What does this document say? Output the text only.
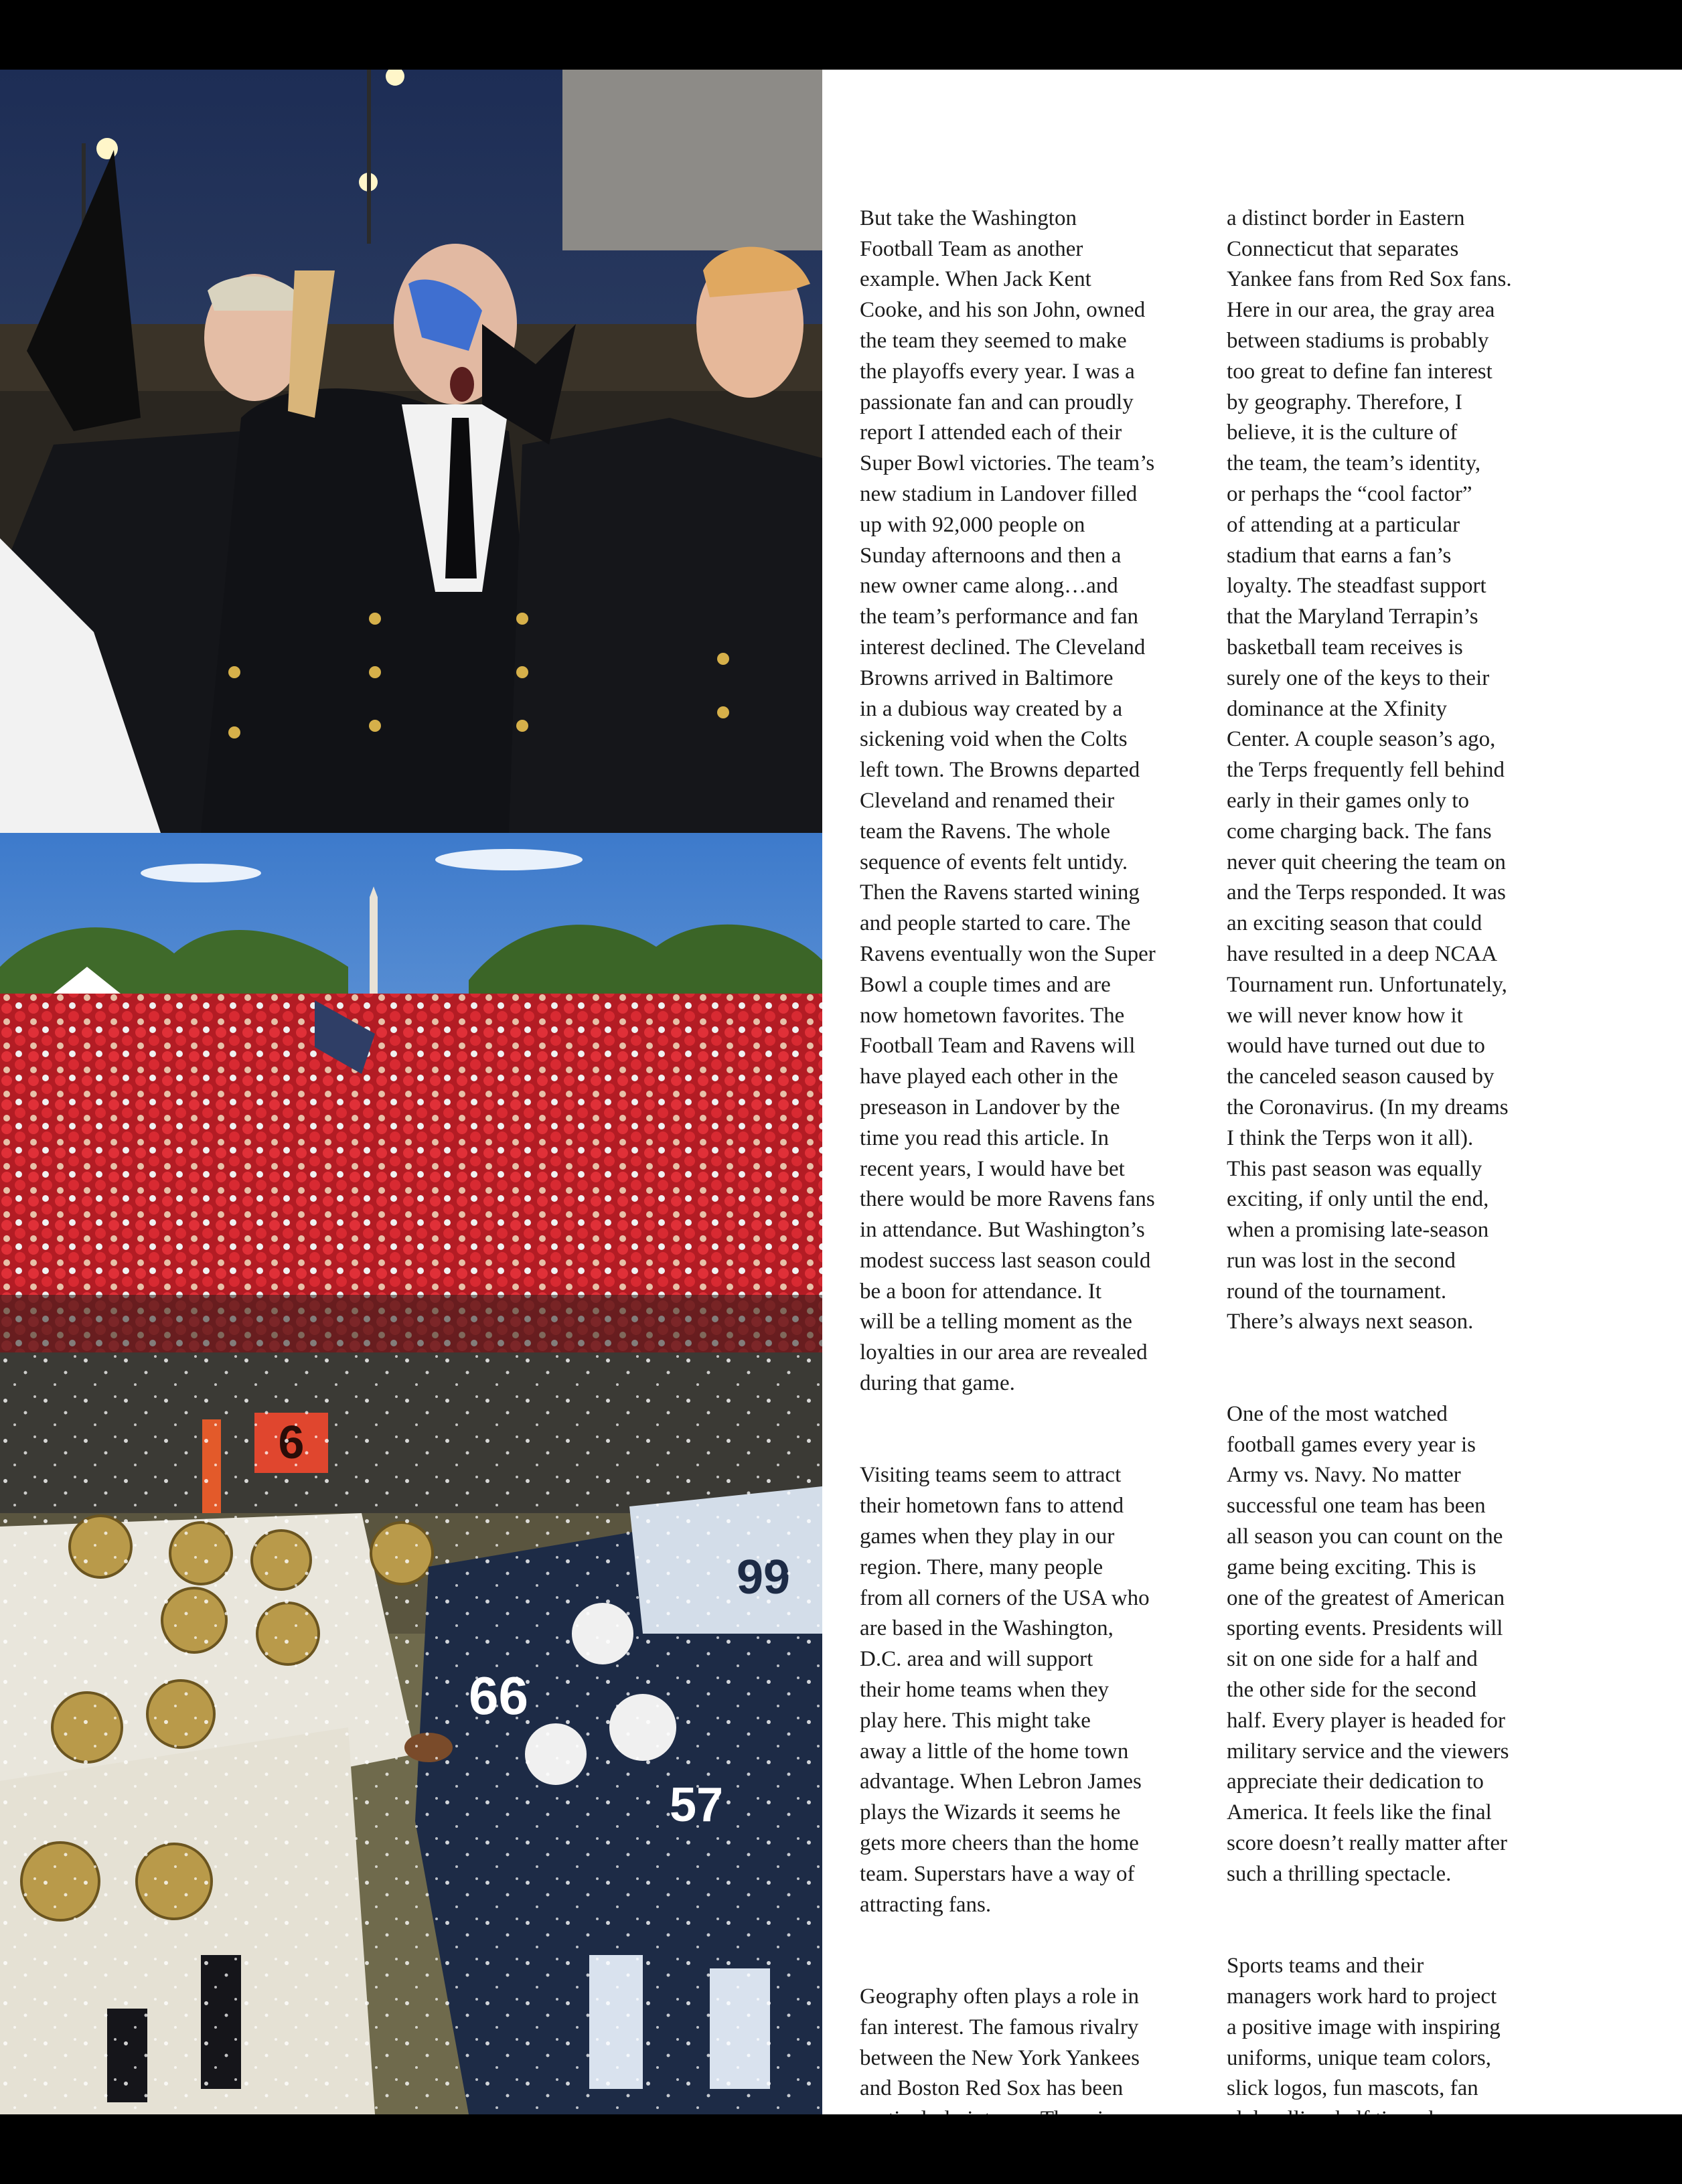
But take the Washington
Football Team as another
example. When Jack Kent
Cooke, and his son John, owned
the team they seemed to make
the playoffs every year. I was a
passionate fan and can proudly
report I attended each of their
Super Bowl victories. The team’s
new stadium in Landover filled
up with 92,000 people on
Sunday afternoons and then a
new owner came along…and
the team’s performance and fan
interest declined. The Cleveland
Browns arrived in Baltimore
in a dubious way created by a
sickening void when the Colts
left town. The Browns departed
Cleveland and renamed their
team the Ravens. The whole
sequence of events felt untidy.
Then the Ravens started wining
and people started to care. The
Ravens eventually won the Super
Bowl a couple times and are
now hometown favorites. The
Football Team and Ravens will
have played each other in the
preseason in Landover by the
time you read this article. In
recent years, I would have bet
there would be more Ravens fans
in attendance. But Washington’s
modest success last season could
be a boon for attendance. It
will be a telling moment as the
loyalties in our area are revealed
during that game.

Visiting teams seem to attract
their hometown fans to attend
games when they play in our
region. There, many people
from all corners of the USA who
are based in the Washington,
D.C. area and will support
their home teams when they
play here. This might take
away a little of the home town
advantage. When Lebron James
plays the Wizards it seems he
gets more cheers than the home
team. Superstars have a way of
attracting fans.

Geography often plays a role in
fan interest. The famous rivalry
between the New York Yankees
and Boston Red Sox has been

a distinct border in Eastern
Connecticut that separates
Yankee fans from Red Sox fans.
Here in our area, the gray area
between stadiums is probably
too great to define fan interest
by geography. Therefore, I
believe, it is the culture of
the team, the team’s identity,
or perhaps the “cool factor”
of attending at a particular
stadium that earns a fan’s
loyalty. The steadfast support
that the Maryland Terrapin’s
basketball team receives is
surely one of the keys to their
dominance at the Xfinity
Center. A couple season’s ago,
the Terps frequently fell behind
early in their games only to
come charging back. The fans
never quit cheering the team on
and the Terps responded. It was
an exciting season that could
have resulted in a deep NCAA
Tournament run. Unfortunately,
we will never know how it
would have turned out due to
the canceled season caused by
the Coronavirus. (In my dreams
I think the Terps won it all).
This past season was equally
exciting, if only until the end,
when a promising late-season
run was lost in the second
round of the tournament.
There’s always next season.

One of the most watched
football games every year is
Army vs. Navy. No matter
successful one team has been
all season you can count on the
game being exciting. This is
one of the greatest of American
sporting events. Presidents will
sit on one side for a half and
the other side for the second
half. Every player is headed for
military service and the viewers
appreciate their dedication to
America. It feels like the final
score doesn’t really matter after
such a thrilling spectacle.

Sports teams and their
managers work hard to project
a positive image with inspiring
uniforms, unique team colors,
slick logos, fun mascots, fan
